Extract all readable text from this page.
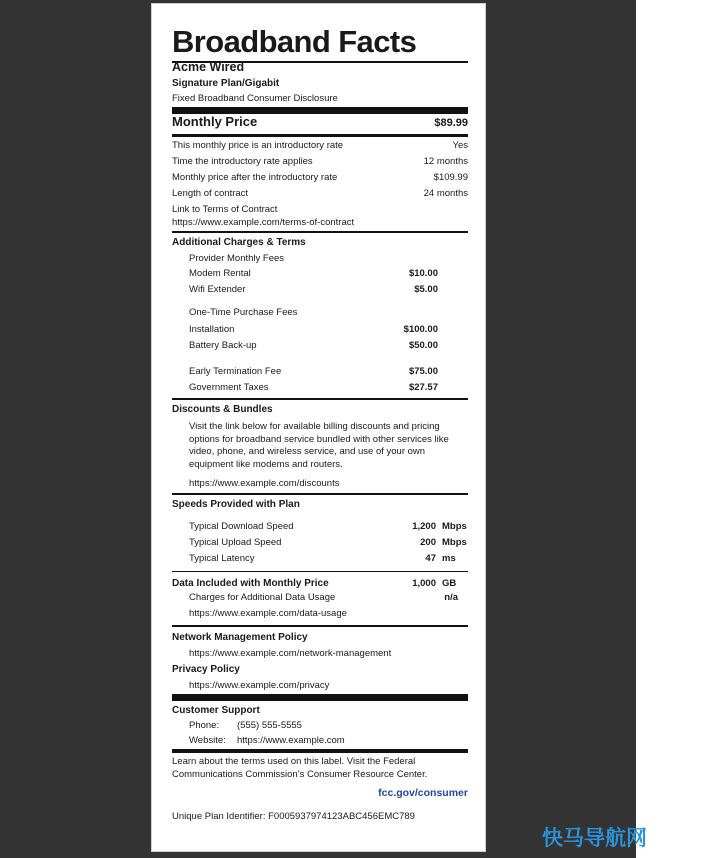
Broadband Facts
Acme Wired
Signature Plan/Gigabit
Fixed Broadband Consumer Disclosure
Monthly Price	$89.99
This monthly price is an introductory rate	Yes
Time the introductory rate applies	12 months
Monthly price after the introductory rate	$109.99
Length of contract	24 months
Link to Terms of Contract
https://www.example.com/terms-of-contract
Additional Charges & Terms
Provider Monthly Fees
Modem Rental	$10.00
Wifi Extender	$5.00
One-Time Purchase Fees
Installation	$100.00
Battery Back-up	$50.00
Early Termination Fee	$75.00
Government Taxes	$27.57
Discounts & Bundles
Visit the link below for available billing discounts and pricing options for broadband service bundled with other services like video, phone, and wireless service, and use of your own equipment like modems and routers.
https://www.example.com/discounts
Speeds Provided with Plan
Typical Download Speed	1,200 Mbps
Typical Upload Speed	200 Mbps
Typical Latency	47 ms
Data Included with Monthly Price	1,000 GB
Charges for Additional Data Usage	n/a
https://www.example.com/data-usage
Network Management Policy
https://www.example.com/network-management
Privacy Policy
https://www.example.com/privacy
Customer Support
Phone: (555) 555-5555
Website: https://www.example.com
Learn about the terms used on this label. Visit the Federal Communications Commission’s Consumer Resource Center.
fcc.gov/consumer
Unique Plan Identifier: F0005937974123ABC456EMC789
快马导航网
